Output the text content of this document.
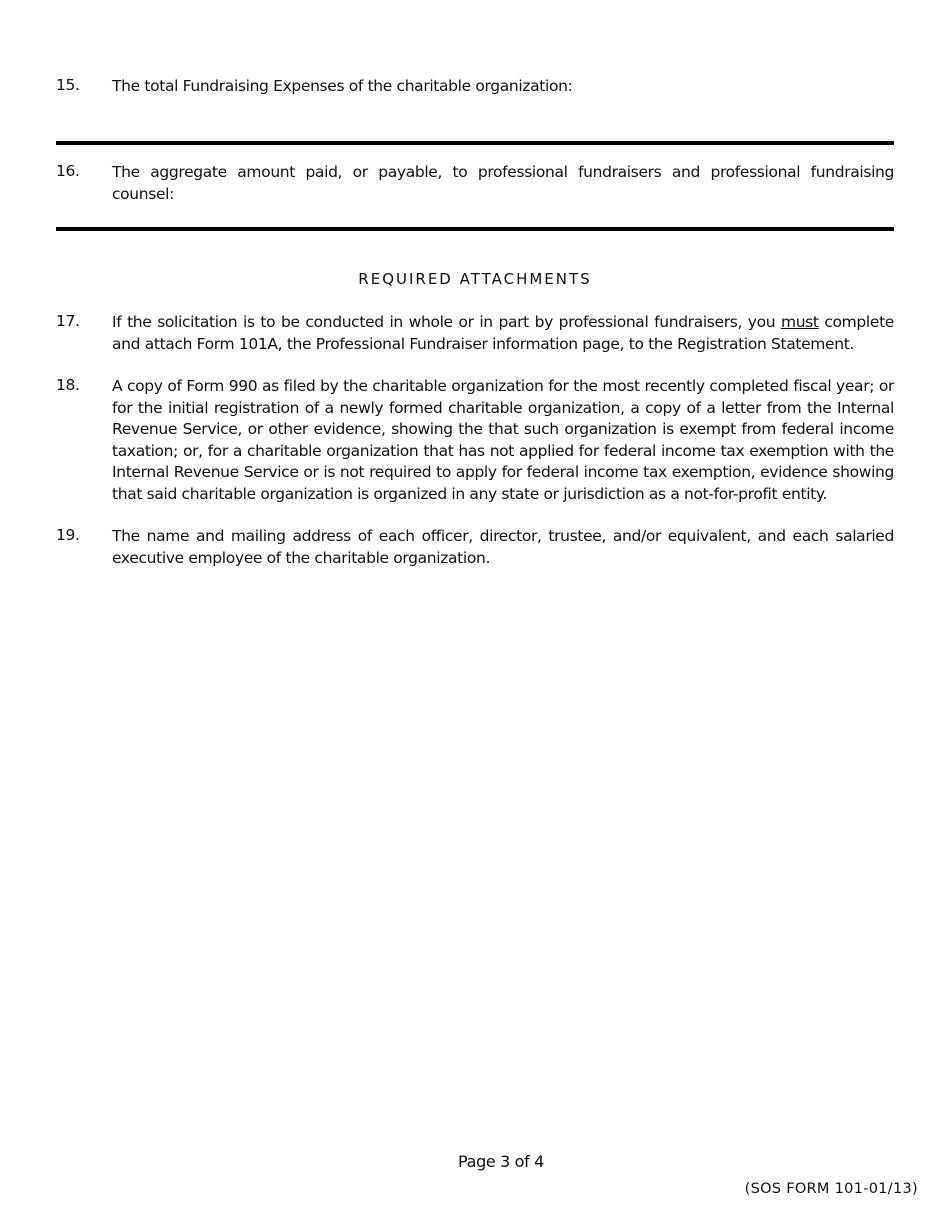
15.	The total Fundraising Expenses of the charitable organization:
16.	The aggregate amount paid, or payable, to professional fundraisers and professional fundraising counsel:
REQUIRED ATTACHMENTS
17.	If the solicitation is to be conducted in whole or in part by professional fundraisers, you must complete and attach Form 101A, the Professional Fundraiser information page, to the Registration Statement.
18.	A copy of Form 990 as filed by the charitable organization for the most recently completed fiscal year; or for the initial registration of a newly formed charitable organization, a copy of a letter from the Internal Revenue Service, or other evidence, showing the that such organization is exempt from federal income taxation; or, for a charitable organization that has not applied for federal income tax exemption with the Internal Revenue Service or is not required to apply for federal income tax exemption, evidence showing that said charitable organization is organized in any state or jurisdiction as a not-for-profit entity.
19.	The name and mailing address of each officer, director, trustee, and/or equivalent, and each salaried executive employee of the charitable organization.
Page 3 of 4
(SOS FORM 101-01/13)
